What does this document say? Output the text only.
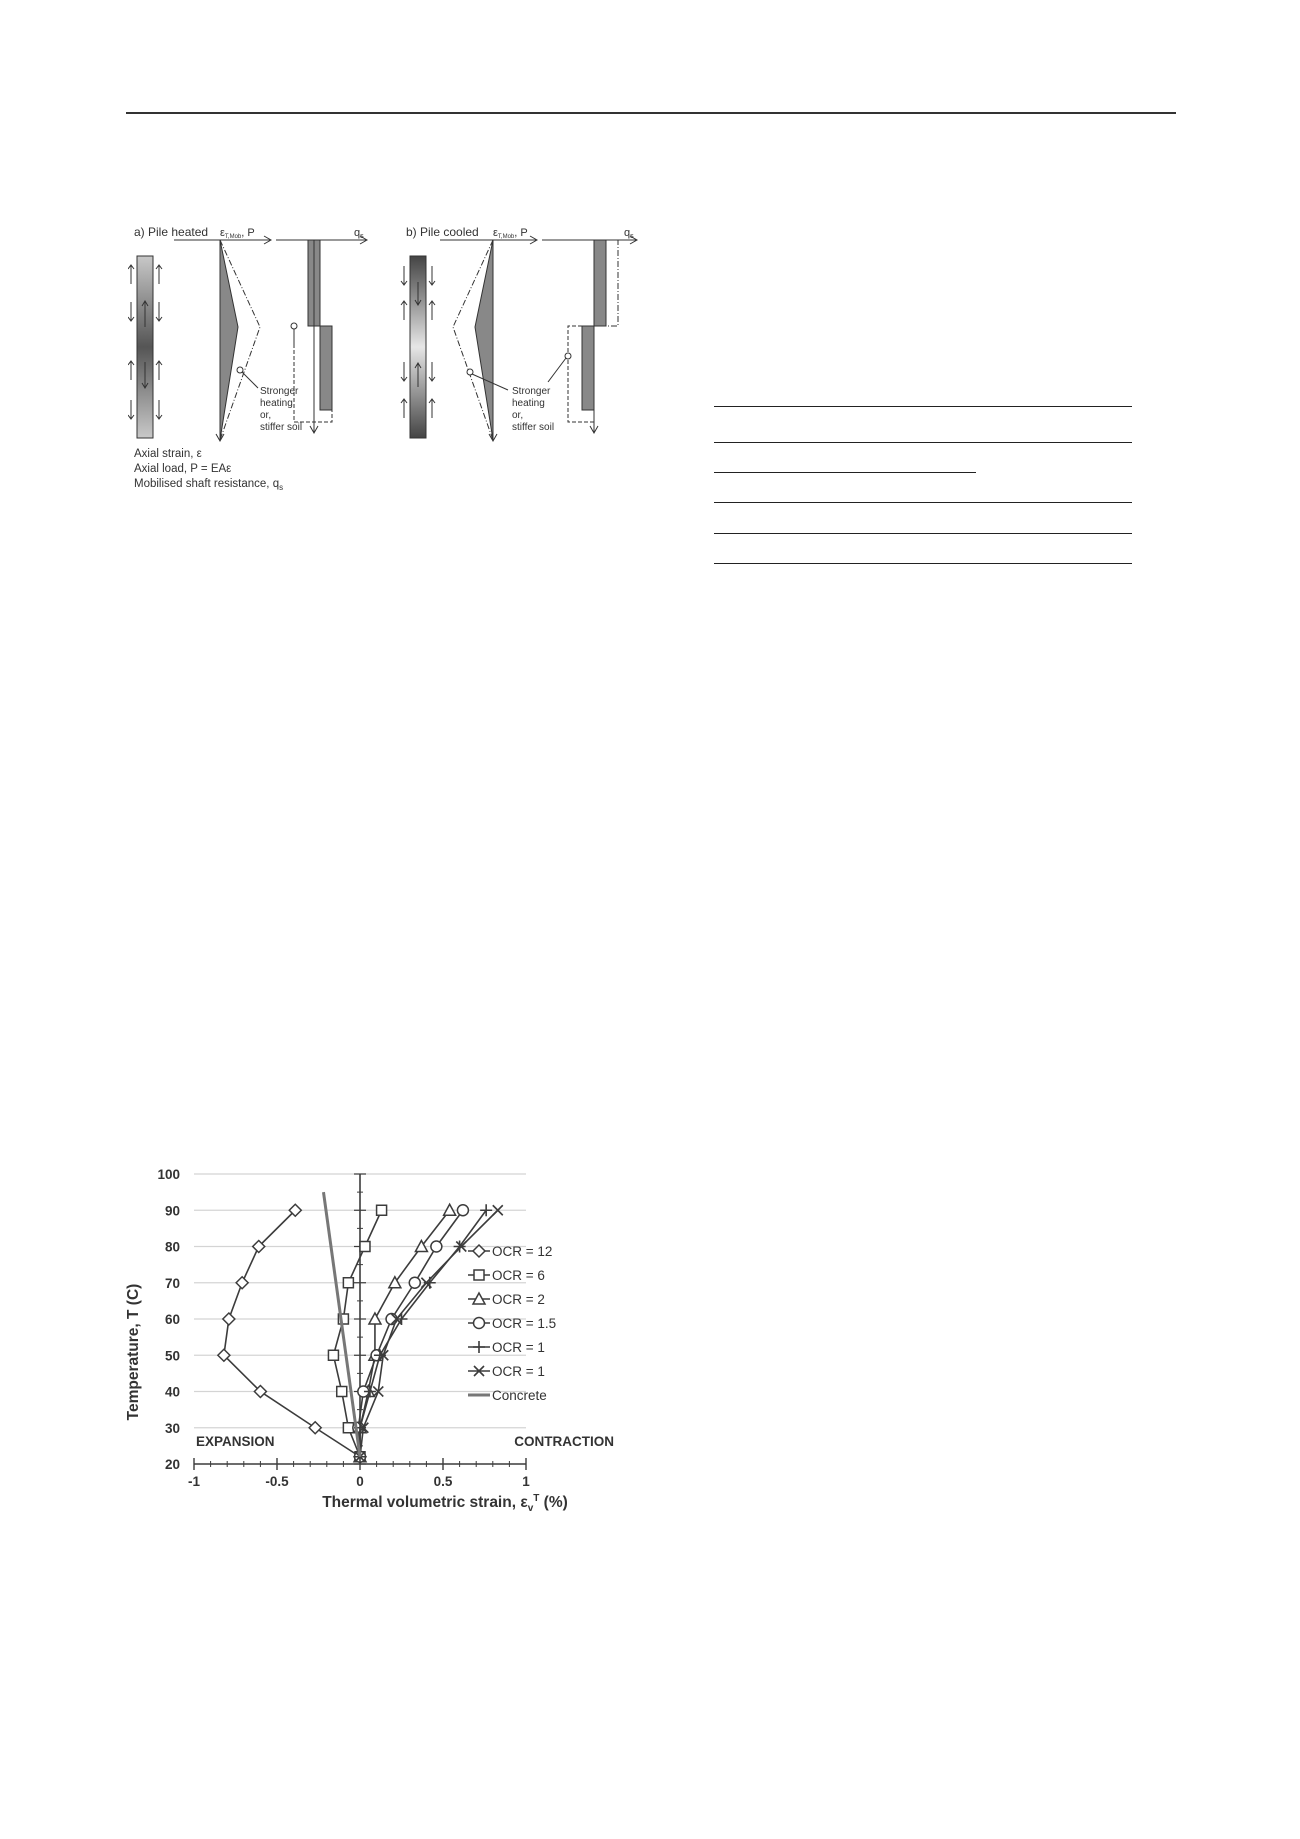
a) Pile heated εT,Mob, P	qs
Stronger
heating
or,
stiffer soil
b) Pile cooled εT,Mob, P	qs
Stronger
heating
or,
stiffer soil
Axial strain, ε
Axial load, P = EAε
Mobilised shaft resistance, $q_s$
20
30
40
50
60
70
80
90
100
-1	-0.5	0	0.5	1
OCR = 12
OCR = 6
OCR = 2
OCR = 1.5
OCR = 1
OCR = 1
Concrete
EXPANSION	CONTRACTION
Thermal volumetric strain, $\varepsilon_v^T$ (%)
Temperature, T (C)
